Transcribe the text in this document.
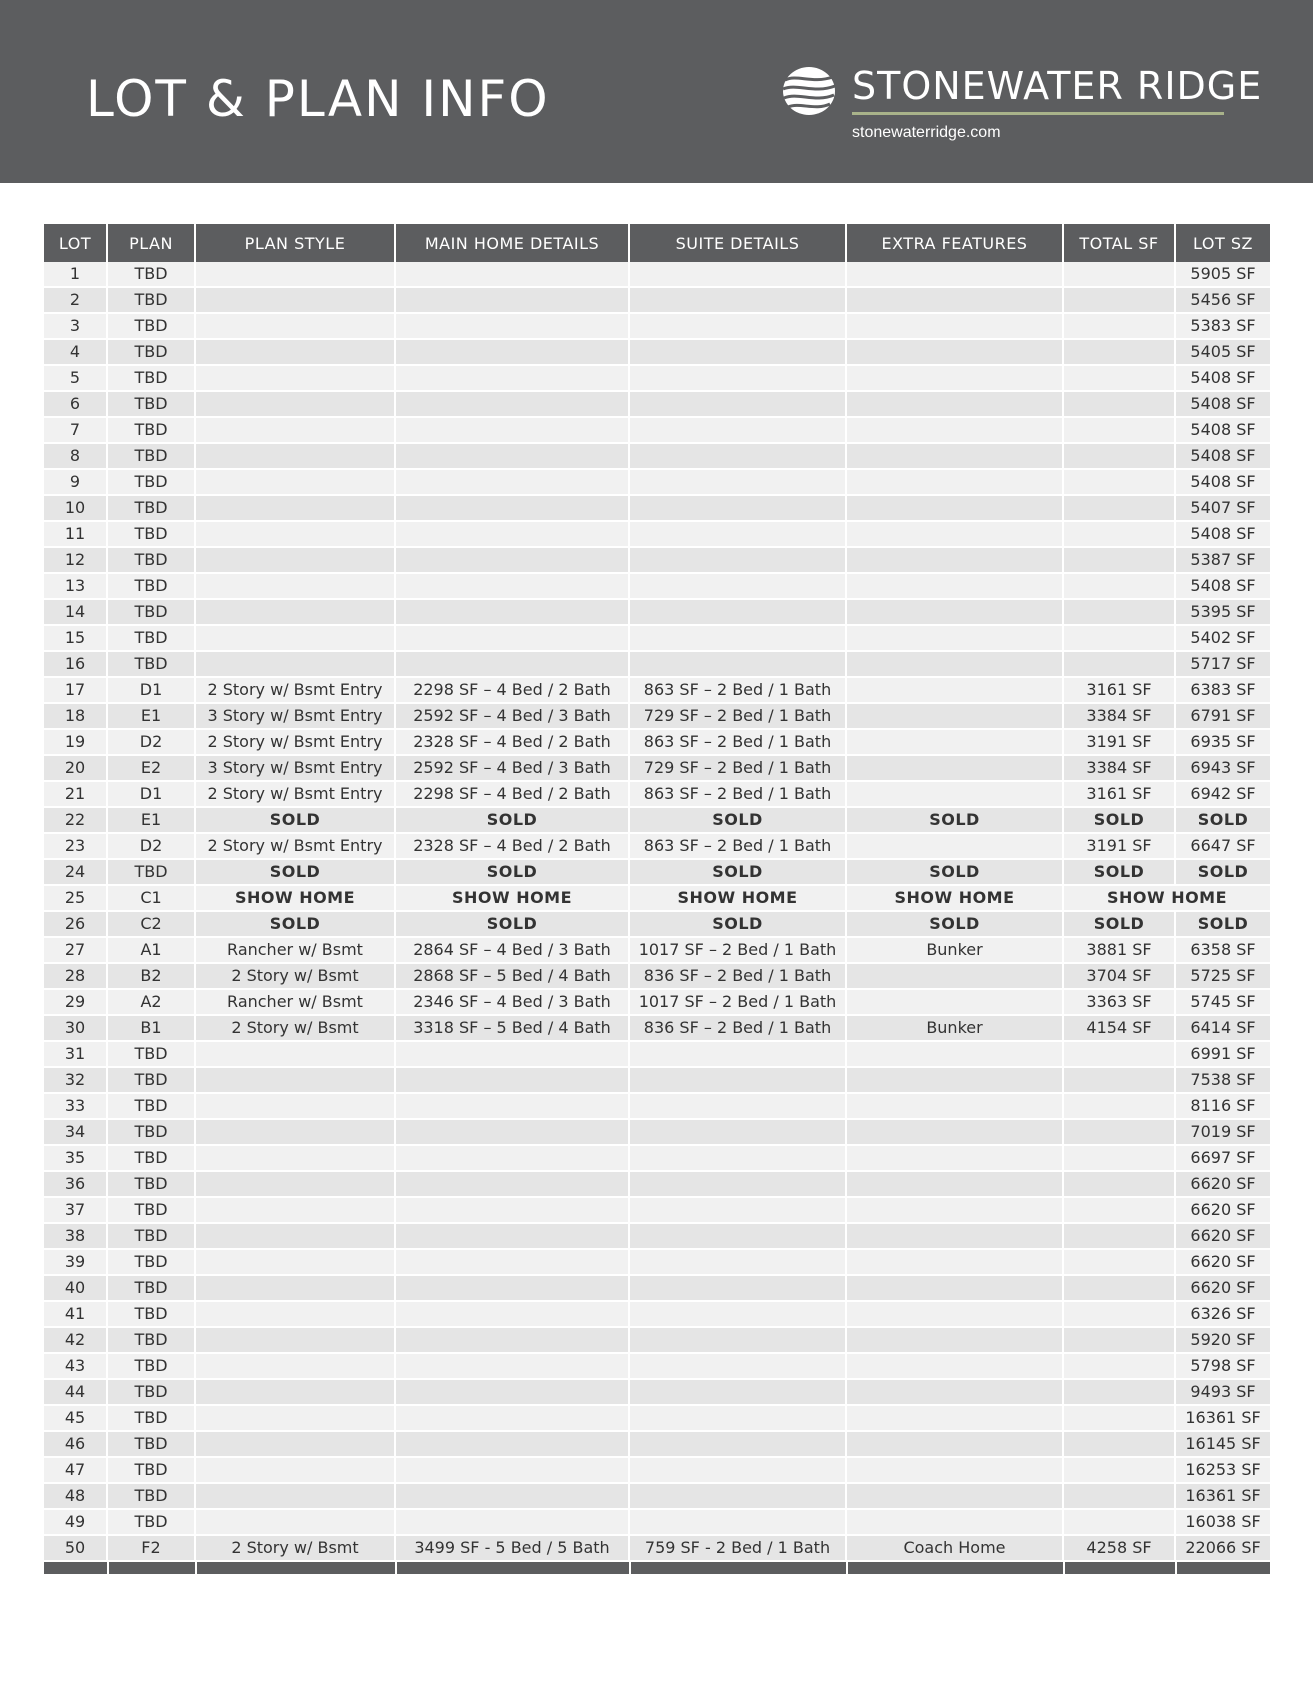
LOT & PLAN INFO	STONEWATER RIDGE
stonewaterridge.com
LOT	PLAN	PLAN STYLE	MAIN HOME DETAILS	SUITE DETAILS	EXTRA FEATURES	TOTAL SF	LOT SZ
1	TBD						5905 SF
2	TBD						5456 SF
3	TBD						5383 SF
4	TBD						5405 SF
5	TBD						5408 SF
6	TBD						5408 SF
7	TBD						5408 SF
8	TBD						5408 SF
9	TBD						5408 SF
10	TBD						5407 SF
11	TBD						5408 SF
12	TBD						5387 SF
13	TBD						5408 SF
14	TBD						5395 SF
15	TBD						5402 SF
16	TBD						5717 SF
17	D1	2 Story w/ Bsmt Entry	2298 SF – 4 Bed / 2 Bath	863 SF – 2 Bed / 1 Bath		3161 SF	6383 SF
18	E1	3 Story w/ Bsmt Entry	2592 SF – 4 Bed / 3 Bath	729 SF – 2 Bed / 1 Bath		3384 SF	6791 SF
19	D2	2 Story w/ Bsmt Entry	2328 SF – 4 Bed / 2 Bath	863 SF – 2 Bed / 1 Bath		3191 SF	6935 SF
20	E2	3 Story w/ Bsmt Entry	2592 SF – 4 Bed / 3 Bath	729 SF – 2 Bed / 1 Bath		3384 SF	6943 SF
21	D1	2 Story w/ Bsmt Entry	2298 SF – 4 Bed / 2 Bath	863 SF – 2 Bed / 1 Bath		3161 SF	6942 SF
22	E1	SOLD	SOLD	SOLD	SOLD	SOLD	SOLD
23	D2	2 Story w/ Bsmt Entry	2328 SF – 4 Bed / 2 Bath	863 SF – 2 Bed / 1 Bath		3191 SF	6647 SF
24	TBD	SOLD	SOLD	SOLD	SOLD	SOLD	SOLD
25	C1	SHOW HOME	SHOW HOME	SHOW HOME	SHOW HOME	SHOW HOME	
26	C2	SOLD	SOLD	SOLD	SOLD	SOLD	SOLD
27	A1	Rancher w/ Bsmt	2864 SF – 4 Bed / 3 Bath	1017 SF – 2 Bed / 1 Bath	Bunker	3881 SF	6358 SF
28	B2	2 Story w/ Bsmt	2868 SF – 5 Bed / 4 Bath	836 SF – 2 Bed / 1 Bath		3704 SF	5725 SF
29	A2	Rancher w/ Bsmt	2346 SF – 4 Bed / 3 Bath	1017 SF – 2 Bed / 1 Bath		3363 SF	5745 SF
30	B1	2 Story w/ Bsmt	3318 SF – 5 Bed / 4 Bath	836 SF – 2 Bed / 1 Bath	Bunker	4154 SF	6414 SF
31	TBD						6991 SF
32	TBD						7538 SF
33	TBD						8116 SF
34	TBD						7019 SF
35	TBD						6697 SF
36	TBD						6620 SF
37	TBD						6620 SF
38	TBD						6620 SF
39	TBD						6620 SF
40	TBD						6620 SF
41	TBD						6326 SF
42	TBD						5920 SF
43	TBD						5798 SF
44	TBD						9493 SF
45	TBD						16361 SF
46	TBD						16145 SF
47	TBD						16253 SF
48	TBD						16361 SF
49	TBD						16038 SF
50	F2	2 Story w/ Bsmt	3499 SF - 5 Bed / 5 Bath	759 SF - 2 Bed / 1 Bath	Coach Home	4258 SF	22066 SF
